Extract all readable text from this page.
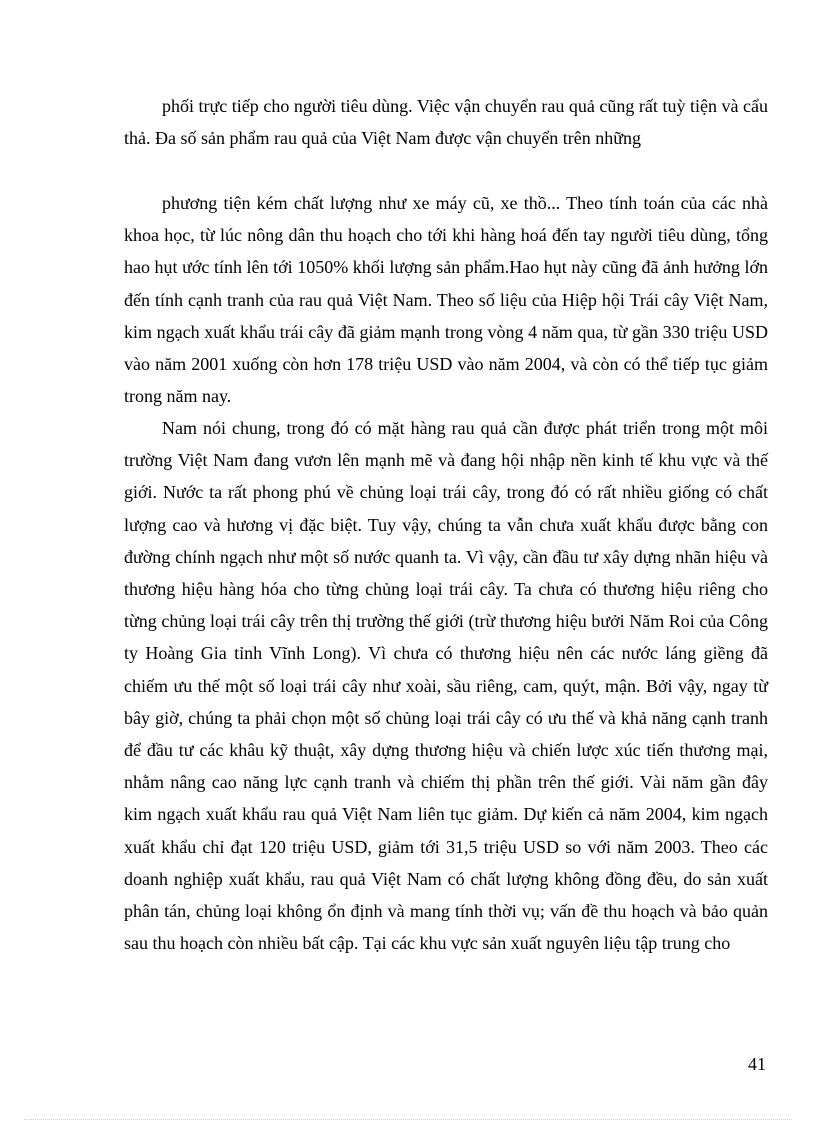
phối trực tiếp cho người tiêu dùng. Việc vận chuyển rau quả cũng rất tuỳ tiện và cẩu thả. Đa số sản phẩm rau quả của Việt Nam được vận chuyển trên những

phương tiện kém chất lượng như xe máy cũ, xe thồ... Theo tính toán của các nhà khoa học, từ lúc nông dân thu hoạch cho tới khi hàng hoá đến tay người tiêu dùng, tổng hao hụt ước tính lên tới 1050% khối lượng sản phẩm.Hao hụt này cũng đã ảnh hưởng lớn đến tính cạnh tranh của rau quả Việt Nam. Theo số liệu của Hiệp hội Trái cây Việt Nam, kim ngạch xuất khẩu trái cây đã giảm mạnh trong vòng 4 năm qua, từ gần 330 triệu USD vào năm 2001 xuống còn hơn 178 triệu USD vào năm 2004, và còn có thể tiếp tục giảm trong năm nay.

Nam nói chung, trong đó có mặt hàng rau quả cần được phát triển trong một môi trường Việt Nam đang vươn lên mạnh mẽ và đang hội nhập nền kinh tế khu vực và thế giới. Nước ta rất phong phú về chủng loại trái cây, trong đó có rất nhiều giống có chất lượng cao và hương vị đặc biệt. Tuy vậy, chúng ta vẫn chưa xuất khẩu được bằng con đường chính ngạch như một số nước quanh ta. Vì vậy, cần đầu tư xây dựng nhãn hiệu và thương hiệu hàng hóa cho từng chủng loại trái cây. Ta chưa có thương hiệu riêng cho từng chủng loại trái cây trên thị trường thế giới (trừ thương hiệu bưởi Năm Roi của Công ty Hoàng Gia tỉnh Vĩnh Long). Vì chưa có thương hiệu nên các nước láng giềng đã chiếm ưu thế một số loại trái cây như xoài, sầu riêng, cam, quýt, mận. Bởi vậy, ngay từ bây giờ, chúng ta phải chọn một số chủng loại trái cây có ưu thế và khả năng cạnh tranh để đầu tư các khâu kỹ thuật, xây dựng thương hiệu và chiến lược xúc tiến thương mại, nhằm nâng cao năng lực cạnh tranh và chiếm thị phần trên thế giới. Vài năm gần đây kim ngạch xuất khẩu rau quả Việt Nam liên tục giảm. Dự kiến cả năm 2004, kim ngạch xuất khẩu chỉ đạt 120 triệu USD, giảm tới 31,5 triệu USD so với năm 2003. Theo các doanh nghiệp xuất khẩu, rau quả Việt Nam có chất lượng không đồng đều, do sản xuất phân tán, chủng loại không ổn định và mang tính thời vụ; vấn đề thu hoạch và bảo quản sau thu hoạch còn nhiều bất cập. Tại các khu vực sản xuất nguyên liệu tập trung cho

41
